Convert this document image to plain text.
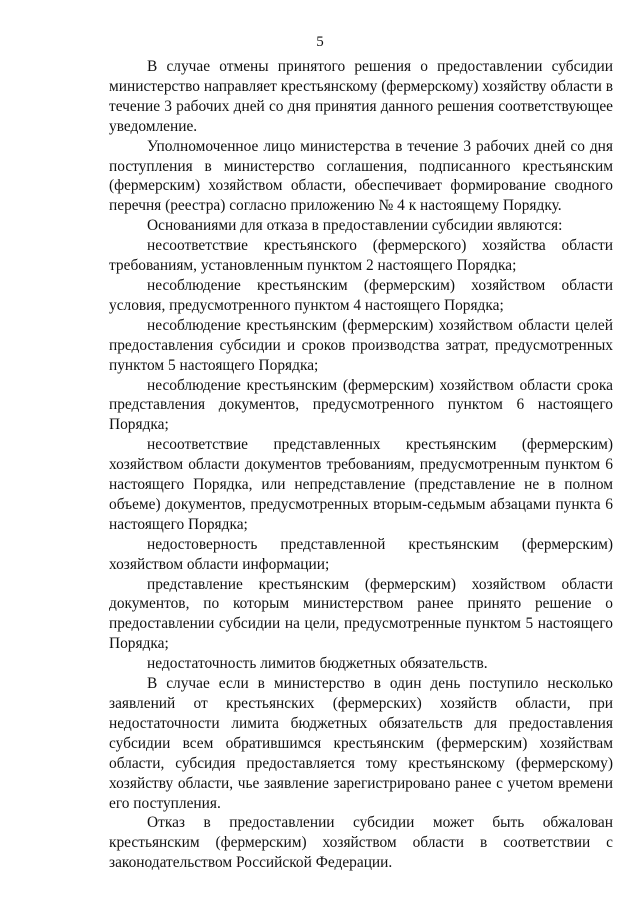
5

В случае отмены принятого решения о предоставлении субсидии министерство направляет крестьянскому (фермерскому) хозяйству области в течение 3 рабочих дней со дня принятия данного решения соответствующее уведомление.

Уполномоченное лицо министерства в течение 3 рабочих дней со дня поступления в министерство соглашения, подписанного крестьянским (фермерским) хозяйством области, обеспечивает формирование сводного перечня (реестра) согласно приложению № 4 к настоящему Порядку.

Основаниями для отказа в предоставлении субсидии являются:

несоответствие крестьянского (фермерского) хозяйства области требованиям, установленным пунктом 2 настоящего Порядка;

несоблюдение крестьянским (фермерским) хозяйством области условия, предусмотренного пунктом 4 настоящего Порядка;

несоблюдение крестьянским (фермерским) хозяйством области целей предоставления субсидии и сроков производства затрат, предусмотренных пунктом 5 настоящего Порядка;

несоблюдение крестьянским (фермерским) хозяйством области срока представления документов, предусмотренного пунктом 6 настоящего Порядка;

несоответствие представленных крестьянским (фермерским) хозяйством области документов требованиям, предусмотренным пунктом 6 настоящего Порядка, или непредставление (представление не в полном объеме) документов, предусмотренных вторым-седьмым абзацами пункта 6 настоящего Порядка;

недостоверность представленной крестьянским (фермерским) хозяйством области информации;

представление крестьянским (фермерским) хозяйством области документов, по которым министерством ранее принято решение о предоставлении субсидии на цели, предусмотренные пунктом 5 настоящего Порядка;

недостаточность лимитов бюджетных обязательств.

В случае если в министерство в один день поступило несколько заявлений от крестьянских (фермерских) хозяйств области, при недостаточности лимита бюджетных обязательств для предоставления субсидии всем обратившимся крестьянским (фермерским) хозяйствам области, субсидия предоставляется тому крестьянскому (фермерскому) хозяйству области, чье заявление зарегистрировано ранее с учетом времени его поступления.

Отказ в предоставлении субсидии может быть обжалован крестьянским (фермерским) хозяйством области в соответствии с законодательством Российской Федерации.
